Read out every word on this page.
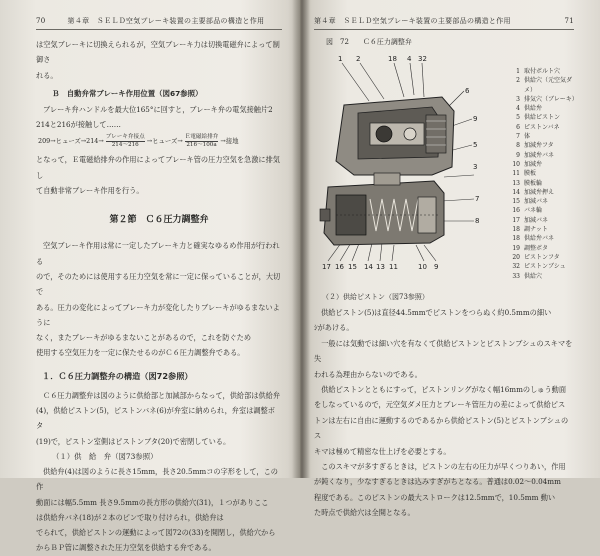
70	第４章　ＳＥＬＤ空気ブレーキ装置の主要部品の構造と作用

は空気ブレーキに切換えられるが，空気ブレーキ力は切換電磁弁によって制御さ

れる。

Ｂ　自動弁常ブレーキ作用位置（図67参照）

ブレーキ弁ハンドルを最大位165°に回すと，ブレーキ弁の電気接触片2

214と216が接触して……

209→ヒューズ$\to 214\to \frac{\text{ブレーキ弁接点}}{214\sim 216}$ →ヒューズ→ $\frac{\text{Ｅ電磁給排弁}}{216\sim 100a}$ →接地

となって，Ｅ電磁給排弁の作用によってブレーキ管の圧力空気を急激に排気し

て自動非常ブレーキ作用を行う。

第２節　Ｃ６圧力調整弁

空気ブレーキ作用は常に一定したブレーキ力と確実なゆるめ作用が行われる

ので，そのためには使用する圧力空気を常に一定に保っていることが，大切で

ある。圧力の変化によってブレーキ力が変化したりブレーキがゆるまないように

なく，またブレーキがゆるまないことがあるので，これを防ぐため

使用する空気圧力を一定に保たせるのがＣ６圧力調整弁である。

１．Ｃ６圧力調整弁の構造（図72参照）

Ｃ６圧力調整弁は図のように供給部と加減部からなって，供給部は供給弁

(4)，供給ピストン(5)，ピストンバネ(6)が弁室に納められ，弁室は調整ボタ

(19)で，ピストン室側はピストンブタ(20)で密閉している。

（１）供　給　弁（図73参照）

供給弁(4)は図のように長さ15mm，長さ20.5mmコの字形をして，この作

動面には幅5.5mm 長さ9.5mmの長方形の供給穴(31)，１つがありここ

は供給弁バネ(18)が２本のピンで取り付けられ，供給弁は

でられて，供給ピストンの運動によって図72の(33)を開閉し，供給穴から

からＢＰ管に調整された圧力空気を供給する弁である。

第４章　ＳＥＬＤ空気ブレーキ装置の主要部品の構造と作用	71
図　72　　Ｃ６圧力調整弁
1 2	18 4 32
6
9
5
3
7
8
17 16 15 14 13 11	10 9
1 取付ボルト穴
2 供給穴（元空気ダメ）
3 排気穴（ブレーキ）
4 供給弁
5 供給ピストン
6 ピストンバネ
7 体
8 加減弁フタ
9 加減弁バネ
10 加減弁
11 膜板
13 膜板輪
14 加減弁押え
15 加減バネ
16 バネ輪
17 加減バネ
18 調ナット
18 供給弁バネ
19 調整ボタ
20 ピストンフタ
32 ピストンブシュ
33 供給穴
（２）供給ピストン（図73参照）

供給ピストン(5)は直径44.5mmでピストンをつらぬく約0.5mmの細い

ｼがあける。

　一般には気動では細い穴を有なくて供給ピストンとピストンブシュのスキマを失

われる為理由からないのである。

　供給ピストンとともにすって，ピストンリングがなく幅16mmのしゅう動面

をしなっているので，元空気ダメ圧力とブレーキ管圧力の差によって供給ピス

トンは左右に自由に運動するのであるから供給ピストン(5)とピストンブシュのス

キマは極めて精密な仕上げを必要とする。

　このスキマが多すぎるときは，ピストンの左右の圧力が早くつりあい，作用

が鈍くなり，少なすぎるときは込みすぎがちとなる。普通は0.02～0.04mm

程度である。このピストンの最大ストロークは12.5mmで，10.5mm 動い

た時点で供給穴は全開となる。
